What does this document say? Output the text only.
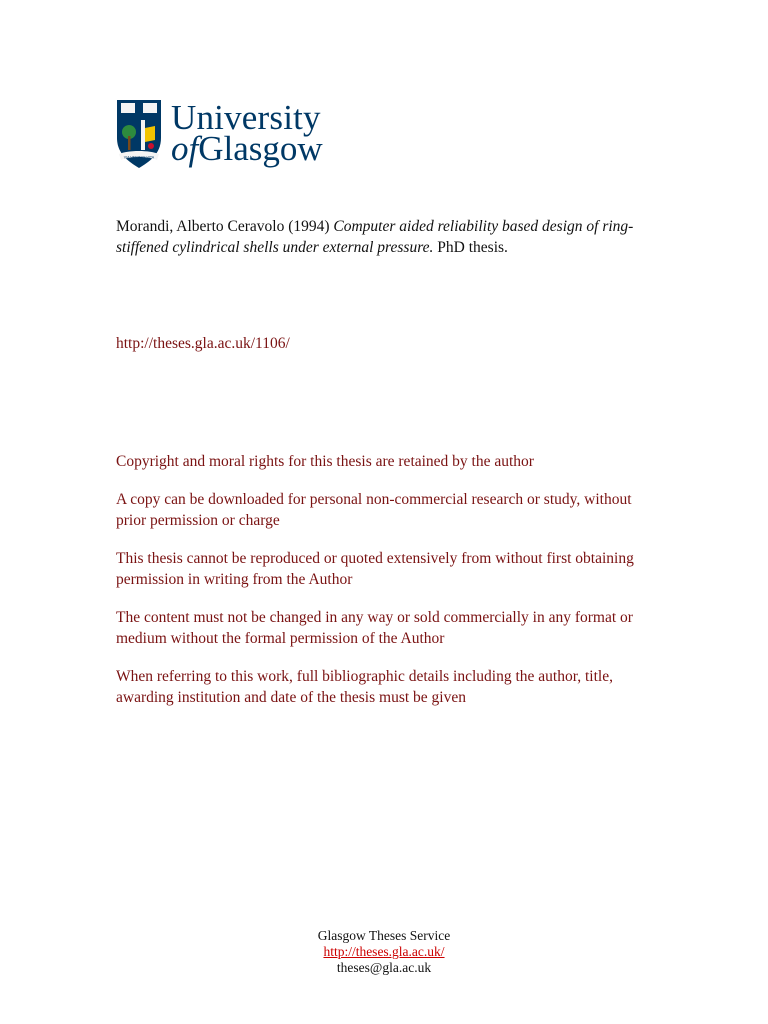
VIA VERITAS VITA
University
ofGlasgow
Morandi, Alberto Ceravolo (1994) Computer aided reliability based design of ring-stiffened cylindrical shells under external pressure. PhD thesis.
http://theses.gla.ac.uk/1106/

Copyright and moral rights for this thesis are retained by the author

A copy can be downloaded for personal non-commercial research or study, without prior permission or charge

This thesis cannot be reproduced or quoted extensively from without first obtaining permission in writing from the Author

The content must not be changed in any way or sold commercially in any format or medium without the formal permission of the Author

When referring to this work, full bibliographic details including the author, title, awarding institution and date of the thesis must be given

Glasgow Theses Service
http://theses.gla.ac.uk/
theses@gla.ac.uk
